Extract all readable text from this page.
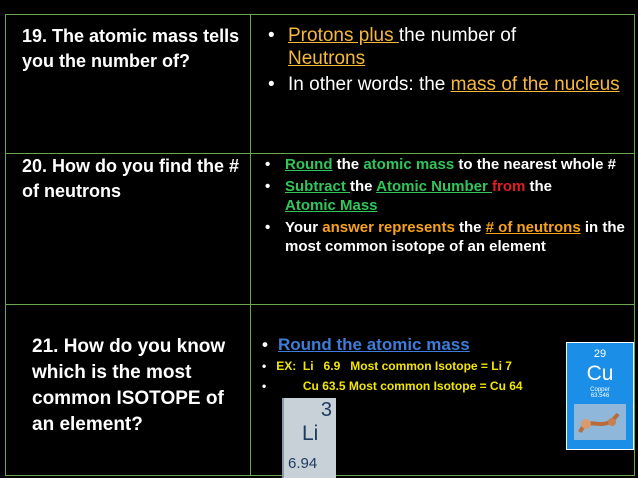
19. The atomic mass tells you the number of?
• Protons plus the number of
Neutrons
• In other words: the mass of the nucleus
20. How do you find the # of neutrons
• Round the atomic mass to the nearest whole #
• Subtract the Atomic Number from the
Atomic Mass
• Your answer represents the # of neutrons in the most common isotope of an element
21. How do you know which is the most common ISOTOPE of an element?
• Round the atomic mass
• EX:  Li   6.9   Most common Isotope = Li 7
•           Cu 63.5 Most common Isotope = Cu 64
3
Li
6.94
29
Cu
Copper
63.546
